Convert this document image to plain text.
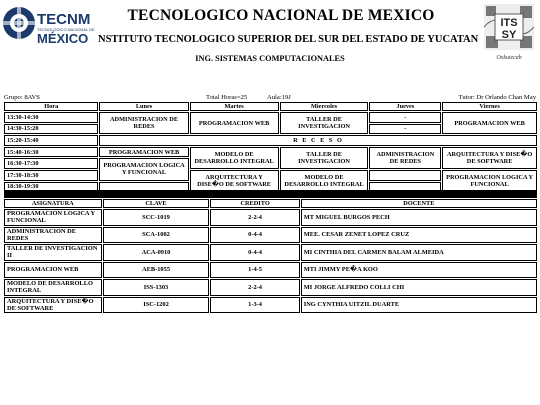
TECNM
TECNOLÓGICO NACIONAL DE
MÉXICO
TECNOLOGICO NACIONAL DE MEXICO
NSTITUTO TECNOLOGICO SUPERIOR DEL SUR DEL ESTADO DE YUCATAN
ING. SISTEMAS COMPUTACIONALES
ITS
SY
Oxkutzcab
Grupo: 8AVS	Total Horas=25	Aula:19J	Tutor: Dr Orlando Chan May
Hora	Lunes	Martes	Miercoles	Jueves	Viernes
13:30-14:30	ADMINISTRACION DE REDES	PROGRAMACION WEB	TALLER DE INVESTIGACION	-	PROGRAMACION WEB
14:30-15:20				-	
15:20-15:40	R E C E S O				
15:40-16:30	PROGRAMACION WEB	MODELO DE DESARROLLO INTEGRAL	TALLER DE INVESTIGACION	ADMINISTRACION DE REDES	ARQUITECTURA Y DISE�O DE SOFTWARE
16:30-17:30	PROGRAMACION LOGICA Y FUNCIONAL				
17:30-18:30		ARQUITECTURA Y DISE�O DE SOFTWARE	MODELO DE DESARROLLO INTEGRAL		PROGRAMACION LOGICA Y FUNCIONAL
18:30-19:30					
ASIGNATURA	CLAVE	CREDITO	DOCENTE
PROGRAMACION LOGICA Y FUNCIONAL	SCC-1019	2-2-4	MT MIGUEL BURGOS PECH
ADMINISTRACION DE REDES	SCA-1002	0-4-4	MEE. CESAR ZENET LOPEZ CRUZ
TALLER DE INVESTIGACION II	ACA-0910	0-4-4	MI CINTHIA DEL CARMEN BALAM ALMEIDA
PROGRAMACION WEB	AEB-1055	1-4-5	MTI JIMMY PE�A KOO
MODELO DE DESARROLLO INTEGRAL	ISS-1303	2-2-4	MI JORGE ALFREDO COLLI CHI
ARQUITECTURA Y DISE�O DE SOFTWARE	ISC-1202	1-3-4	ING CYNTHIA UITZIL DUARTE
